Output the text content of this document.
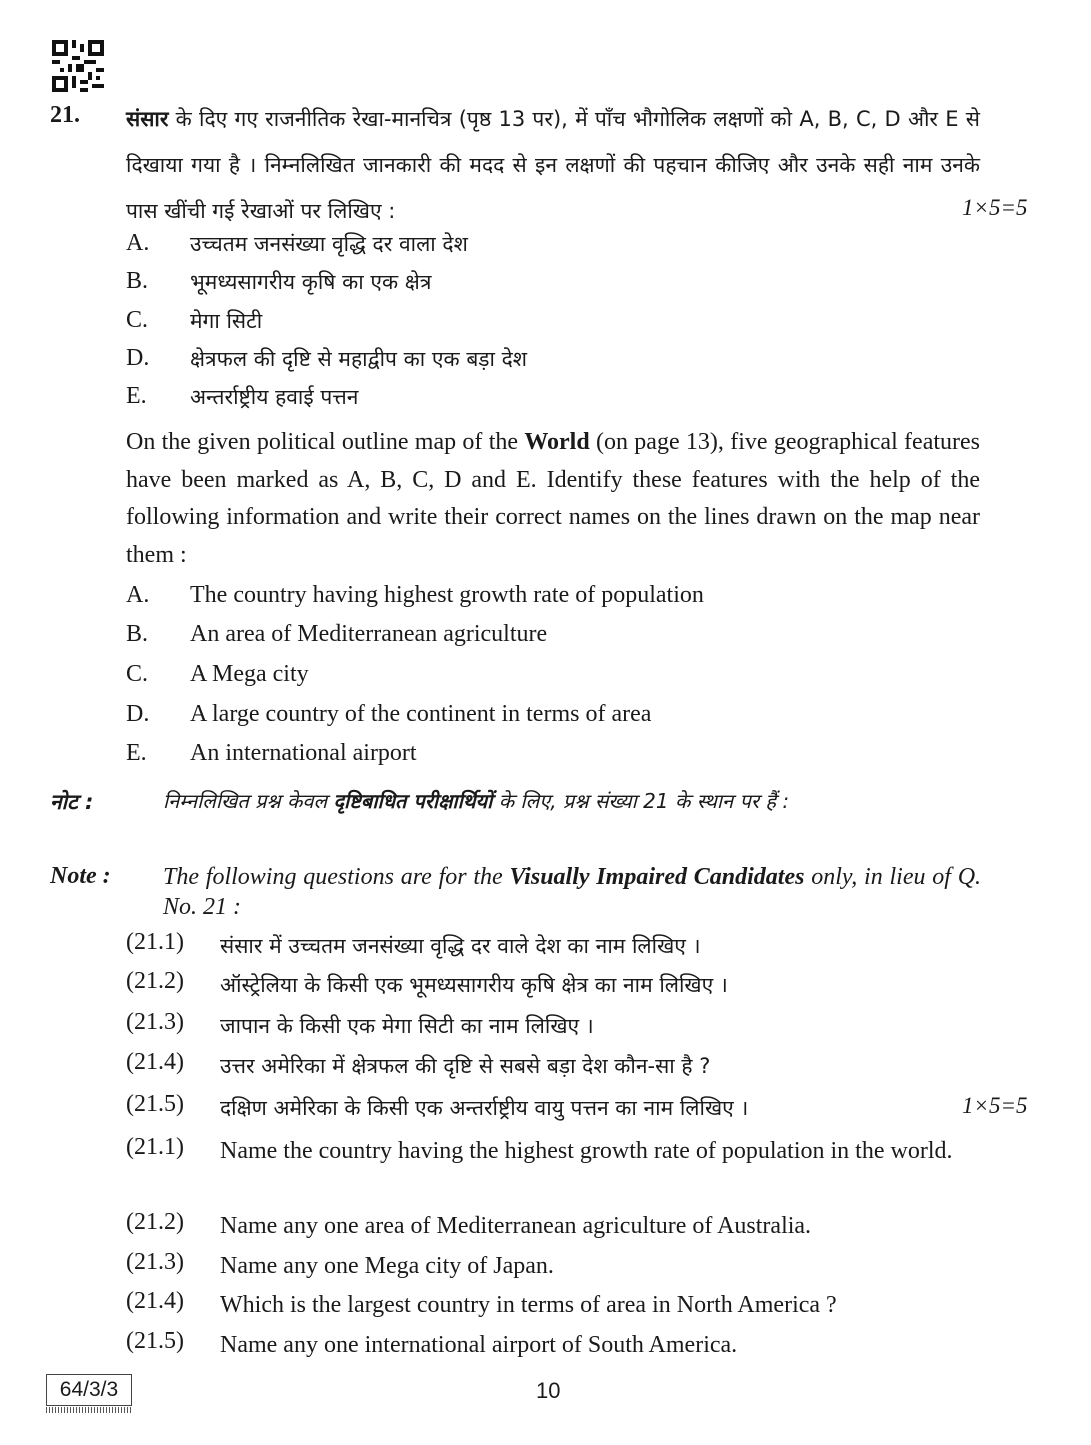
21. संसार के दिए गए राजनीतिक रेखा-मानचित्र (पृष्ठ 13 पर), में पाँच भौगोलिक लक्षणों को A, B, C, D और E से दिखाया गया है । निम्नलिखित जानकारी की मदद से इन लक्षणों की पहचान कीजिए और उनके सही नाम उनके पास खींची गई रेखाओं पर लिखिए :	1×5=5
A. उच्चतम जनसंख्या वृद्धि दर वाला देश
B. भूमध्यसागरीय कृषि का एक क्षेत्र
C. मेगा सिटी
D. क्षेत्रफल की दृष्टि से महाद्वीप का एक बड़ा देश
E. अन्तर्राष्ट्रीय हवाई पत्तन
On the given political outline map of the World (on page 13), five geographical features have been marked as A, B, C, D and E. Identify these features with the help of the following information and write their correct names on the lines drawn on the map near them :
A. The country having highest growth rate of population
B. An area of Mediterranean agriculture
C. A Mega city
D. A large country of the continent in terms of area
E. An international airport
नोट :	निम्नलिखित प्रश्न केवल दृष्टिबाधित परीक्षार्थियों के लिए, प्रश्न संख्या 21 के स्थान पर हैं :
Note : The following questions are for the Visually Impaired Candidates only, in lieu of Q. No. 21 :
(21.1) संसार में उच्चतम जनसंख्या वृद्धि दर वाले देश का नाम लिखिए ।
(21.2) ऑस्ट्रेलिया के किसी एक भूमध्यसागरीय कृषि क्षेत्र का नाम लिखिए ।
(21.3) जापान के किसी एक मेगा सिटी का नाम लिखिए ।
(21.4) उत्तर अमेरिका में क्षेत्रफल की दृष्टि से सबसे बड़ा देश कौन-सा है ?
(21.5) दक्षिण अमेरिका के किसी एक अन्तर्राष्ट्रीय वायु पत्तन का नाम लिखिए ।	1×5=5
(21.1) Name the country having the highest growth rate of population in the world.
(21.2) Name any one area of Mediterranean agriculture of Australia.
(21.3) Name any one Mega city of Japan.
(21.4) Which is the largest country in terms of area in North America ?
(21.5) Name any one international airport of South America.
64/3/3	10
